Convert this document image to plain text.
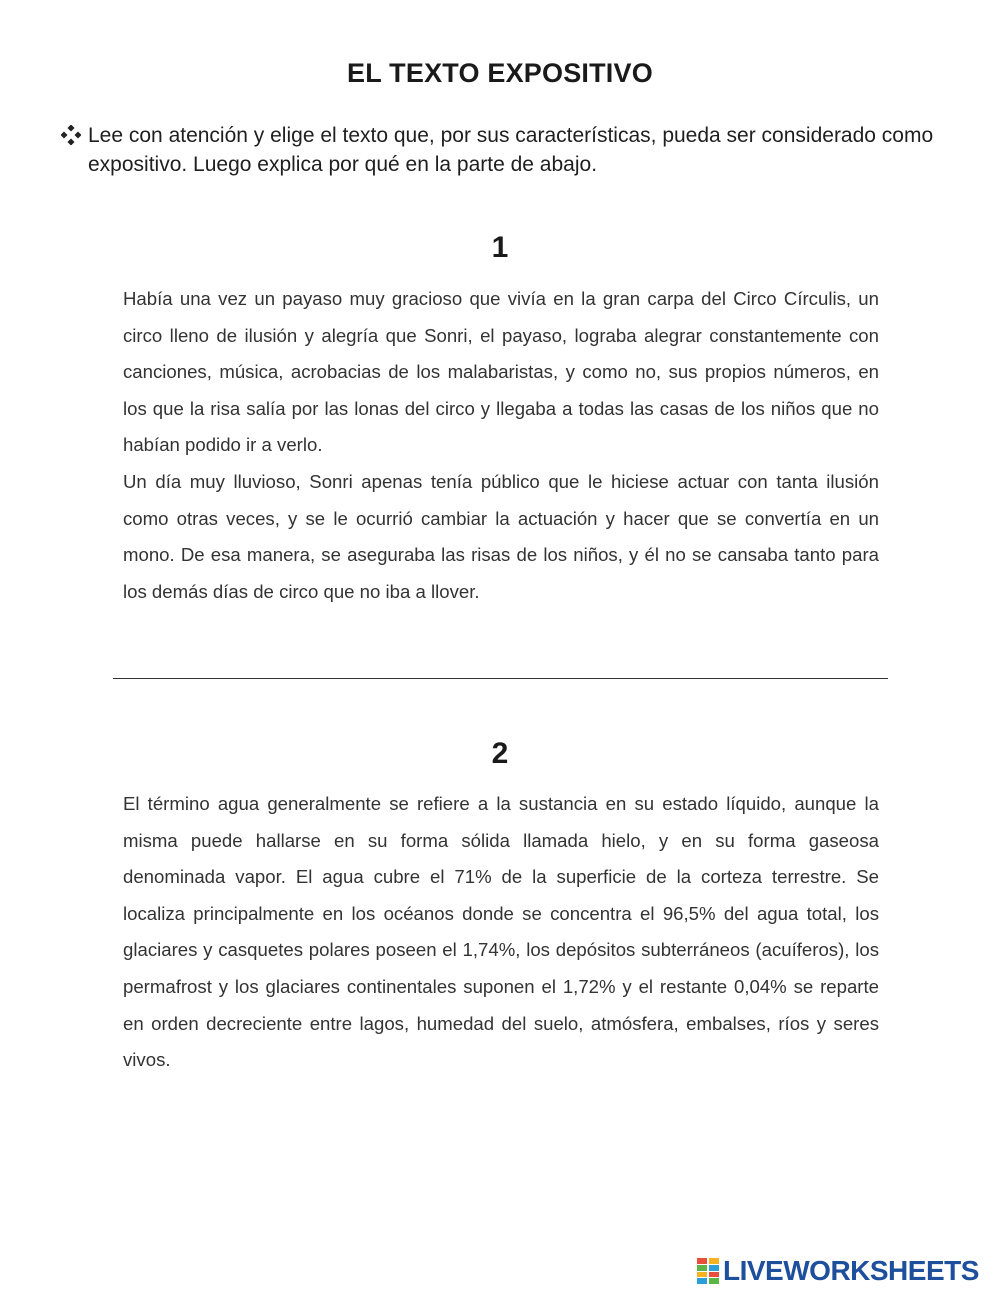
EL TEXTO EXPOSITIVO
Lee con atención y elige el texto que, por sus características, pueda ser considerado como expositivo. Luego explica por qué en la parte de abajo.
1

Había una vez un payaso muy gracioso que vivía en la gran carpa del Circo Círculis, un circo lleno de ilusión y alegría que Sonri, el payaso, lograba alegrar constantemente con canciones, música, acrobacias de los malabaristas, y como no, sus propios números, en los que la risa salía por las lonas del circo y llegaba a todas las casas de los niños que no habían podido ir a verlo.

Un día muy lluvioso, Sonri apenas tenía público que le hiciese actuar con tanta ilusión como otras veces, y se le ocurrió cambiar la actuación y hacer que se convertía en un mono. De esa manera, se aseguraba las risas de los niños, y él no se cansaba tanto para los demás días de circo que no iba a llover.

2

El término agua generalmente se refiere a la sustancia en su estado líquido, aunque la misma puede hallarse en su forma sólida llamada hielo, y en su forma gaseosa denominada vapor. El agua cubre el 71% de la superficie de la corteza terrestre. Se localiza principalmente en los océanos donde se concentra el 96,5% del agua total, los glaciares y casquetes polares poseen el 1,74%, los depósitos subterráneos (acuíferos), los permafrost y los glaciares continentales suponen el 1,72% y el restante 0,04% se reparte en orden decreciente entre lagos, humedad del suelo, atmósfera, embalses, ríos y seres vivos.

LIVEWORKSHEETS
